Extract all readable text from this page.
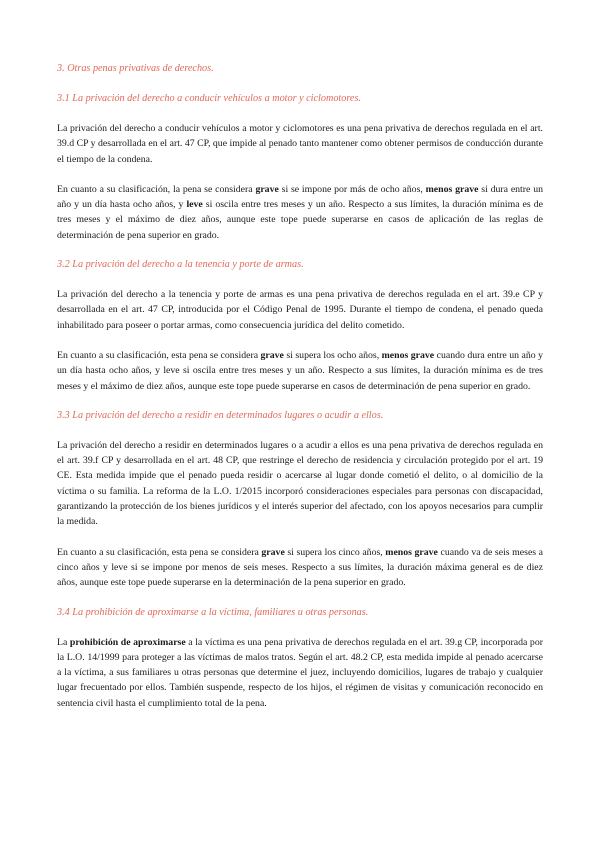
3. Otras penas privativas de derechos.

3.1 La privación del derecho a conducir vehículos a motor y ciclomotores.

La privación del derecho a conducir vehículos a motor y ciclomotores es una pena privativa de derechos regulada en el art. 39.d CP y desarrollada en el art. 47 CP, que impide al penado tanto mantener como obtener permisos de conducción durante el tiempo de la condena.

En cuanto a su clasificación, la pena se considera grave si se impone por más de ocho años, menos grave si dura entre un año y un día hasta ocho años, y leve si oscila entre tres meses y un año. Respecto a sus límites, la duración mínima es de tres meses y el máximo de diez años, aunque este tope puede superarse en casos de aplicación de las reglas de determinación de pena superior en grado.

3.2 La privación del derecho a la tenencia y porte de armas.

La privación del derecho a la tenencia y porte de armas es una pena privativa de derechos regulada en el art. 39.e CP y desarrollada en el art. 47 CP, introducida por el Código Penal de 1995. Durante el tiempo de condena, el penado queda inhabilitado para poseer o portar armas, como consecuencia jurídica del delito cometido.

En cuanto a su clasificación, esta pena se considera grave si supera los ocho años, menos grave cuando dura entre un año y un día hasta ocho años, y leve si oscila entre tres meses y un año. Respecto a sus límites, la duración mínima es de tres meses y el máximo de diez años, aunque este tope puede superarse en casos de determinación de pena superior en grado.

3.3 La privación del derecho a residir en determinados lugares o acudir a ellos.

La privación del derecho a residir en determinados lugares o a acudir a ellos es una pena privativa de derechos regulada en el art. 39.f CP y desarrollada en el art. 48 CP, que restringe el derecho de residencia y circulación protegido por el art. 19 CE. Esta medida impide que el penado pueda residir o acercarse al lugar donde cometió el delito, o al domicilio de la víctima o su familia. La reforma de la L.O. 1/2015 incorporó consideraciones especiales para personas con discapacidad, garantizando la protección de los bienes jurídicos y el interés superior del afectado, con los apoyos necesarios para cumplir la medida.

En cuanto a su clasificación, esta pena se considera grave si supera los cinco años, menos grave cuando va de seis meses a cinco años y leve si se impone por menos de seis meses. Respecto a sus límites, la duración máxima general es de diez años, aunque este tope puede superarse en la determinación de la pena superior en grado.

3.4 La prohibición de aproximarse a la víctima, familiares u otras personas.

La prohibición de aproximarse a la víctima es una pena privativa de derechos regulada en el art. 39.g CP, incorporada por la L.O. 14/1999 para proteger a las víctimas de malos tratos. Según el art. 48.2 CP, esta medida impide al penado acercarse a la víctima, a sus familiares u otras personas que determine el juez, incluyendo domicilios, lugares de trabajo y cualquier lugar frecuentado por ellos. También suspende, respecto de los hijos, el régimen de visitas y comunicación reconocido en sentencia civil hasta el cumplimiento total de la pena.
